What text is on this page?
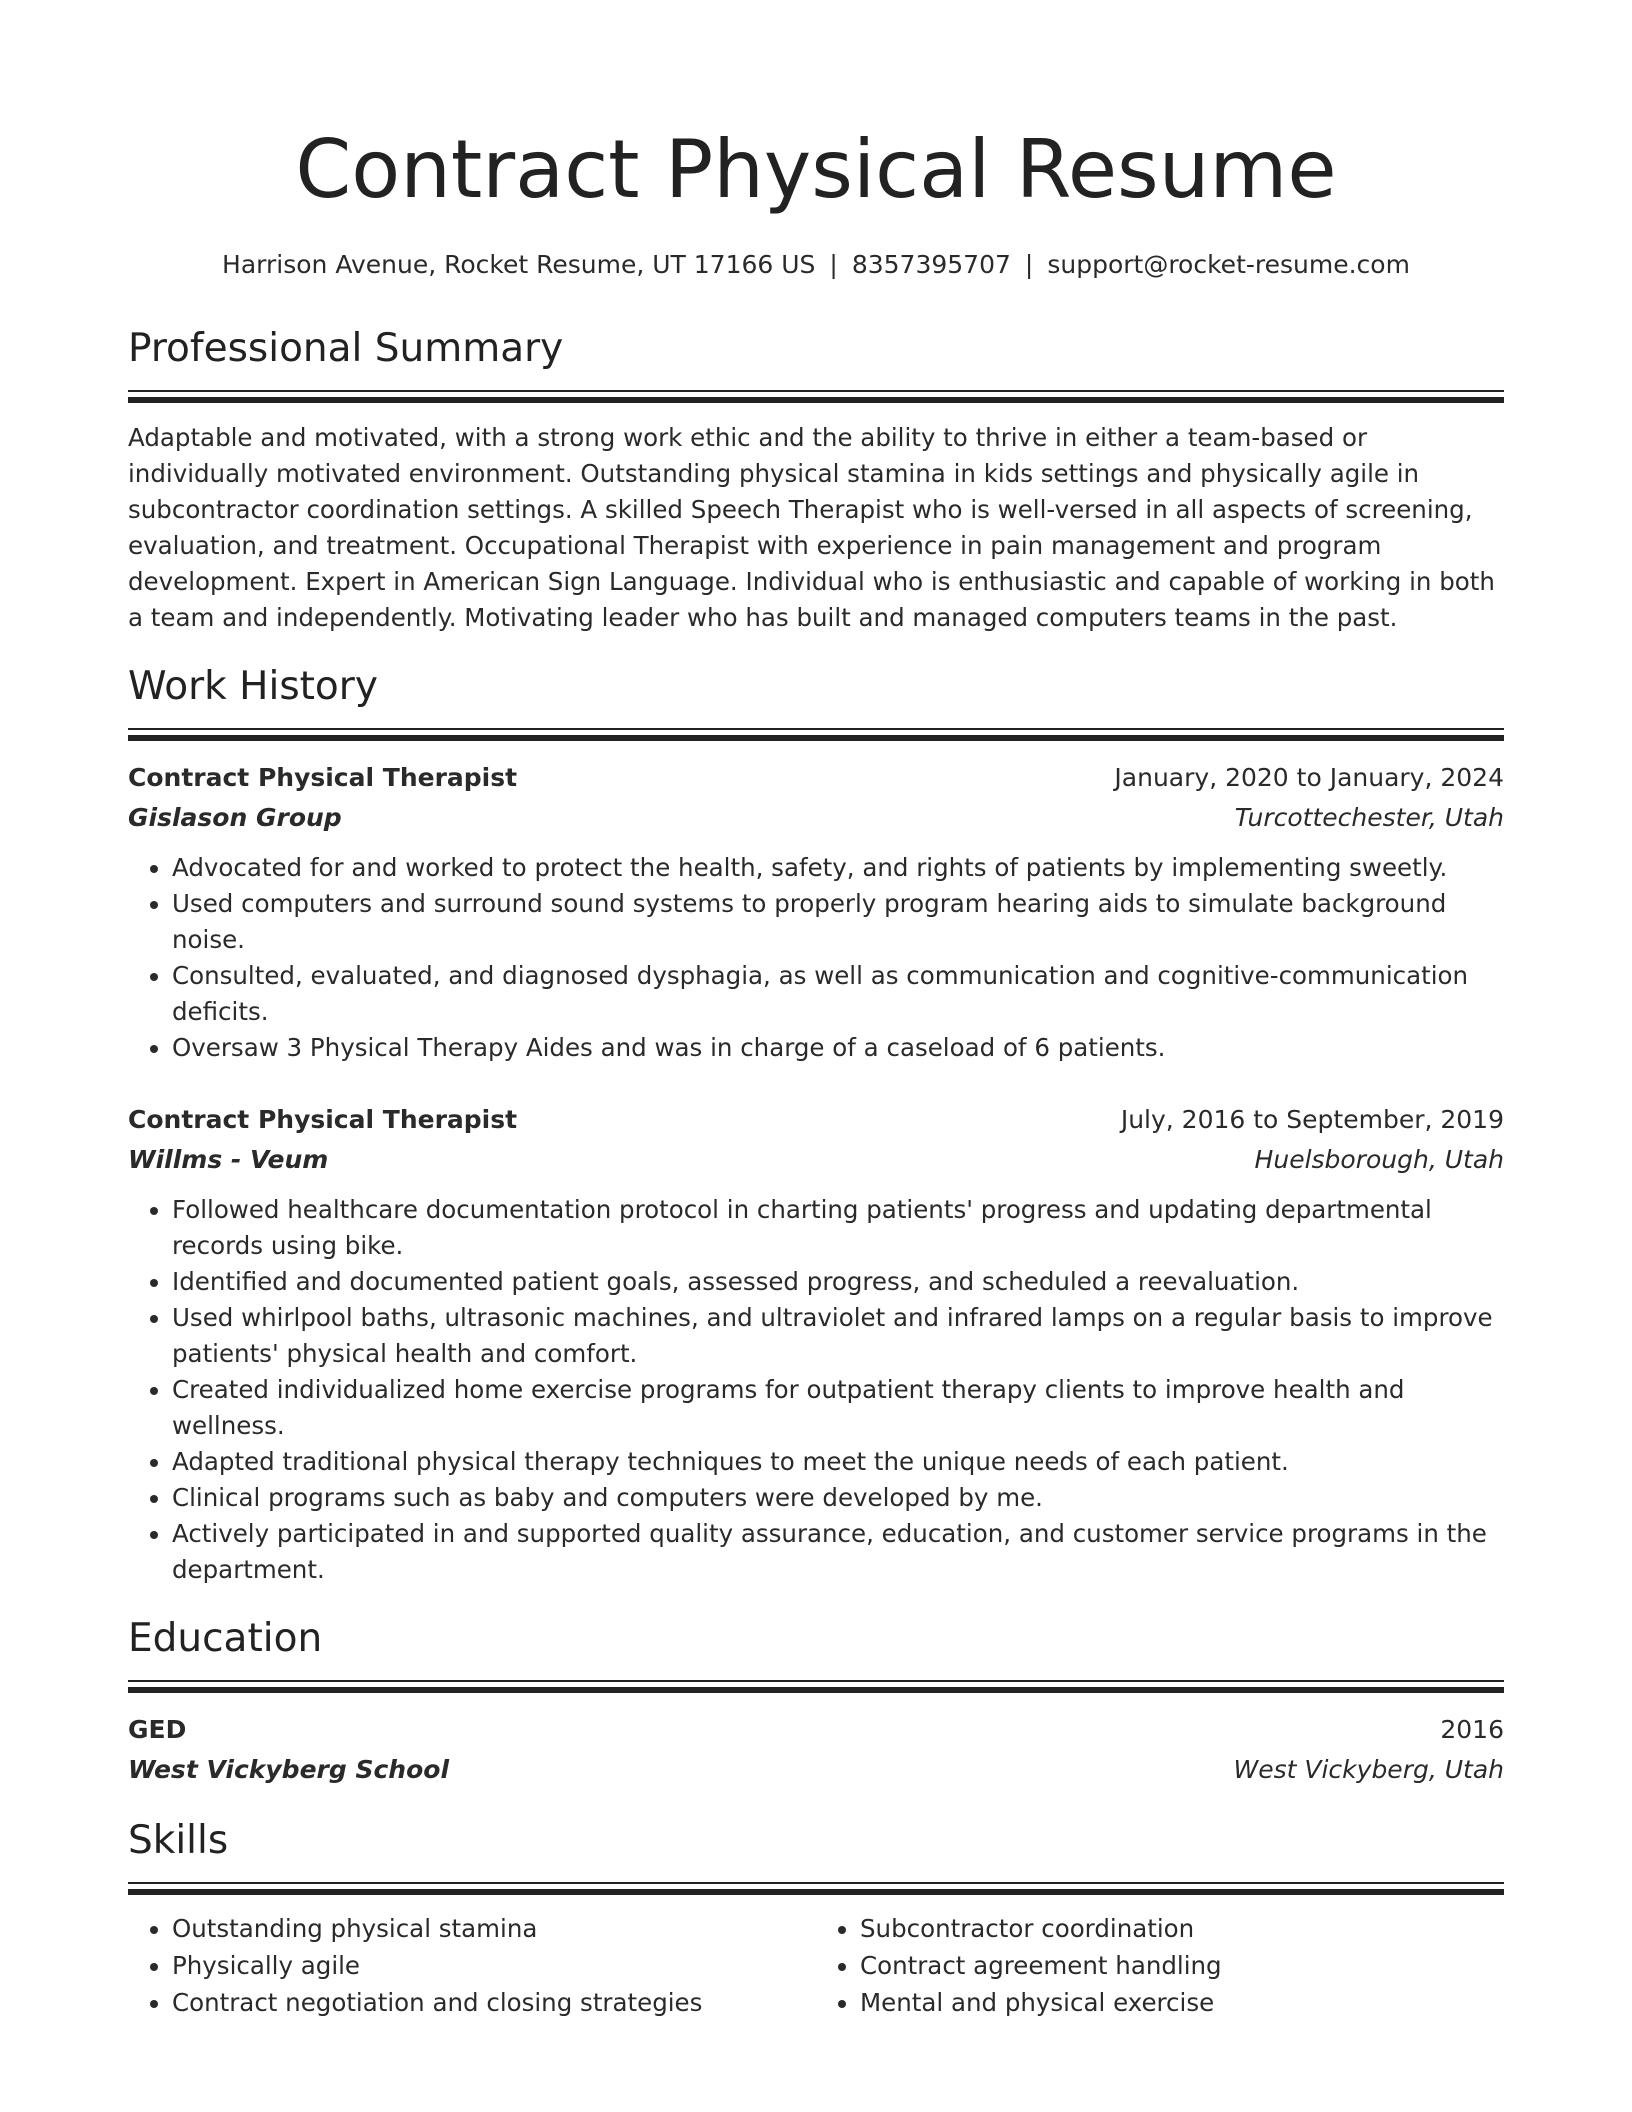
Contract Physical Resume
Harrison Avenue, Rocket Resume, UT 17166 US | 8357395707 | support@rocket-resume.com
Professional Summary
Adaptable and motivated, with a strong work ethic and the ability to thrive in either a team-based or individually motivated environment. Outstanding physical stamina in kids settings and physically agile in subcontractor coordination settings. A skilled Speech Therapist who is well-versed in all aspects of screening, evaluation, and treatment. Occupational Therapist with experience in pain management and program development. Expert in American Sign Language. Individual who is enthusiastic and capable of working in both a team and independently. Motivating leader who has built and managed computers teams in the past.
Work History
Contract Physical Therapist	January, 2020 to January, 2024
Gislason Group	Turcottechester, Utah
• Advocated for and worked to protect the health, safety, and rights of patients by implementing sweetly.
• Used computers and surround sound systems to properly program hearing aids to simulate background noise.
• Consulted, evaluated, and diagnosed dysphagia, as well as communication and cognitive-communication deficits.
• Oversaw 3 Physical Therapy Aides and was in charge of a caseload of 6 patients.
Contract Physical Therapist	July, 2016 to September, 2019
Willms - Veum	Huelsborough, Utah
• Followed healthcare documentation protocol in charting patients' progress and updating departmental records using bike.
• Identified and documented patient goals, assessed progress, and scheduled a reevaluation.
• Used whirlpool baths, ultrasonic machines, and ultraviolet and infrared lamps on a regular basis to improve patients' physical health and comfort.
• Created individualized home exercise programs for outpatient therapy clients to improve health and wellness.
• Adapted traditional physical therapy techniques to meet the unique needs of each patient.
• Clinical programs such as baby and computers were developed by me.
• Actively participated in and supported quality assurance, education, and customer service programs in the department.
Education
GED	2016
West Vickyberg School	West Vickyberg, Utah
Skills
• Outstanding physical stamina
• Physically agile
• Contract negotiation and closing strategies
• Subcontractor coordination
• Contract agreement handling
• Mental and physical exercise
